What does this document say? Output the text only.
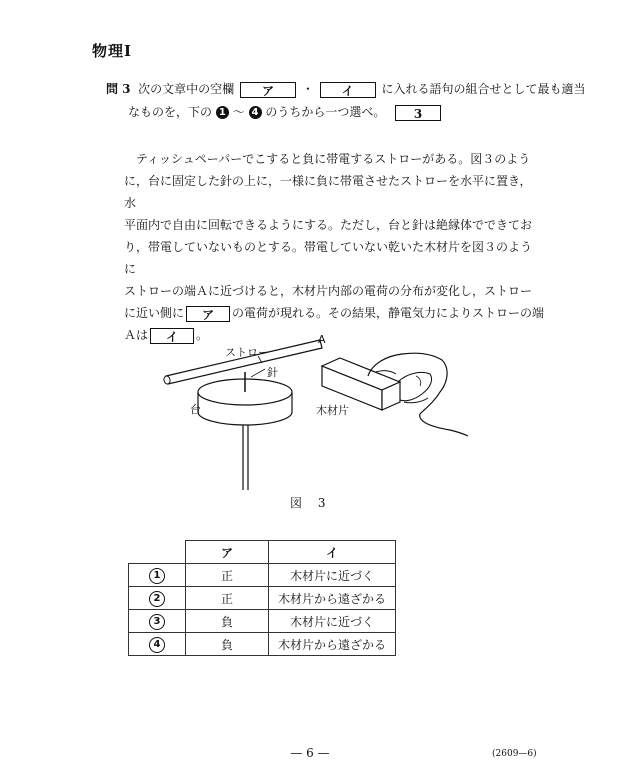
物理Ⅰ
問 3 次の文章中の空欄 ア ・ イ に入れる語句の組合せとして最も適当
なものを，下の 1 ～ 4 のうちから一つ選べ。 3

ティッシュペーパーでこすると負に帯電するストローがある。図３のよう

に，台に固定した針の上に，一様に負に帯電させたストローを水平に置き，水

平面内で自由に回転できるようにする。ただし，台と針は絶縁体でできてお

り，帯電していないものとする。帯電していない乾いた木材片を図３のように

ストローの端Ａに近づけると，木材片内部の電荷の分布が変化し，ストロー

に近い側に ア の電荷が現れる。その結果，静電気力によりストローの端

Ａは イ 。

ストロー
A
針
台	木材片
図 3
	ア	イ
1	正	木材片に近づく
2	正	木材片から遠ざかる
3	負	木材片に近づく
4	負	木材片から遠ざかる
— 6 —	(2609—6)
